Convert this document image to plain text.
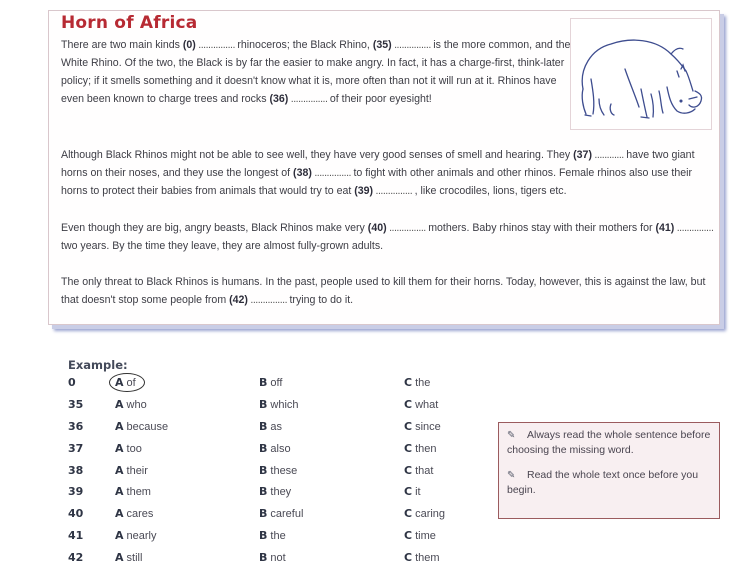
Horn of Africa

There are two main kinds (0) ............... rhinoceros; the Black Rhino, (35) ............... is the more common, and the White Rhino. Of the two, the Black is by far the easier to make angry. In fact, it has a charge-first, think-later policy; if it smells something and it doesn't know what it is, more often than not it will run at it. Rhinos have even been known to charge trees and rocks (36) ............... of their poor eyesight!

Although Black Rhinos might not be able to see well, they have very good senses of smell and hearing. They (37) ............ have two giant horns on their noses, and they use the longest of (38) ............... to fight with other animals and other rhinos. Female rhinos also use their horns to protect their babies from animals that would try to eat (39) ............... , like crocodiles, lions, tigers etc.

Even though they are big, angry beasts, Black Rhinos make very (40) ............... mothers. Baby rhinos stay with their mothers for (41) ............... two years. By the time they leave, they are almost fully-grown adults.

The only threat to Black Rhinos is humans. In the past, people used to kill them for their horns. Today, however, this is against the law, but that doesn't stop some people from (42) ............... trying to do it.

Example:
0	A of	B off	C the
35	A who	B which	C what
36	A because	B as	C since
37	A too	B also	C then
38	A their	B these	C that
39	A them	B they	C it
40	A cares	B careful	C caring
41	A nearly	B the	C time
42	A still	B not	C them

✎ Always read the whole sentence before choosing the missing word.

✎ Read the whole text once before you begin.
